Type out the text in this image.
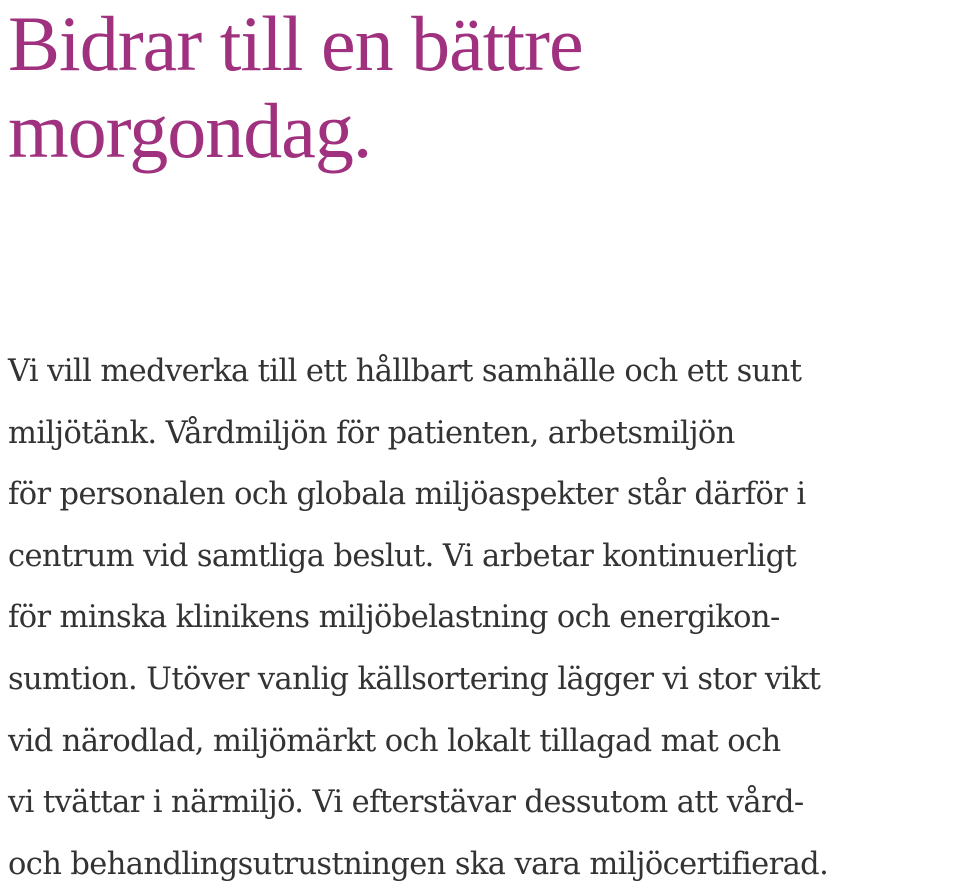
Bidrar till en bättre
morgondag.

Vi vill medverka till ett hållbart samhälle och ett sunt
miljötänk. Vårdmiljön för patienten, arbetsmiljön
för personalen och globala miljöaspekter står därför i
centrum vid samtliga beslut. Vi arbetar kontinuerligt
för minska klinikens miljöbelastning och energikon-
sumtion. Utöver vanlig källsortering lägger vi stor vikt
vid närodlad, miljömärkt och lokalt tillagad mat och
vi tvättar i närmiljö. Vi efterstävar dessutom att vård-
och behandlingsutrustningen ska vara miljöcertifierad.
